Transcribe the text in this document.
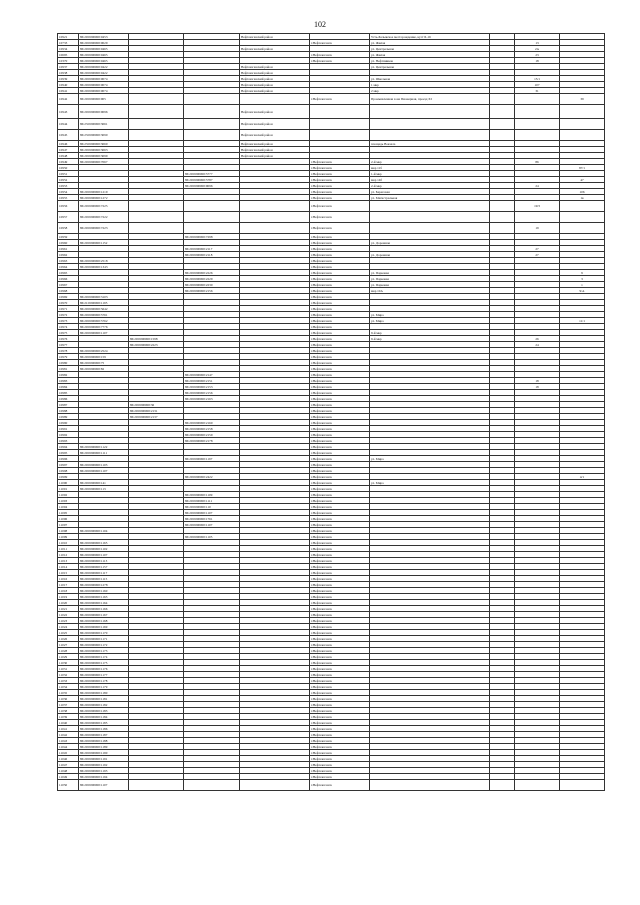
102
10921	86:20:0000000:0453			Нефтеюганский район		Усть-Балыкское месторождение, куст Б-16			
10733	86:20:0000000:0029				г.Нефтеюганск	ул. Жилая		13	
10934	86:20:0000000:0465			Нефтеюганский район		ул. Центральная		2А	
10695	86:20:0000000:0465				г.Нефтеюганск	ул. Жилая		23	
10370	86:20:0000000:0465				г.Нефтеюганск	ул. Нефтяников		18	
10937	86:20:0000000:0422			Нефтеюганский район		ул. Центральная			
10938	86:20:0000000:0422			Нефтеюганский район					
10939	86:20:0000000:0074			Нефтеюганский район		ул. Школьная		15/1	
10940	86:20:0000000:0074			Нефтеюганский район		1 мкр		107	
10941	86:20:0000000:0074			Нефтеюганский район		2 мкр		31	
10942	86:20:0000000:905				г.Нефтеюганск	Промышленная зона Пионерная, проезд XI			39
10943	86:20:0000000:9096			Нефтеюганский район					
10944	86:23:0000000:3061			Нефтеюганский район					
10945	86:23:0000000:3090			Нефтеюганский район					
10946	86:23:0000000:3060			Нефтеюганский район		площадь Вокзала			
10947	86:20:0000000:3063			Нефтеюганский район					
10948	86:20:0000000:3099			Нефтеюганский район					
10949	86:20:0000000:7067				г.Нефтеюганск	2-й мкр		86	
10950					г.Нефтеюганск	мкр 11б			87/1
10951			86:20:0000000:5777		г.Нефтеюганск	1-й мкр			
10952			86:20:0000000:5787		г.Нефтеюганск	мкр 14б			47
10953			86:20:0000000:9096		г.Нефтеюганск	2-й мкр		24	
10954	86:20:0000000:1219				г.Нефтеюганск	ул. Береговая			106
10955	86:20:0000000:1272				г.Нефтеюганск	ул. Магистральная			1в
10956	86:20:0000000:7225				г.Нефтеюганск			19/3	
10957	86:20:0000000:7222				г.Нефтеюганск				
10958	86:20:0000000:7223				г.Нефтеюганск			19	
10959			86:20:0000000:7298		г.Нефтеюганск				
10960	86:20:0000000:1152				г.Нефтеюганск	ул. Дорожная			
10961			86:20:0000000:2117		г.Нефтеюганск			27	
10962			86:20:0000000:2118		г.Нефтеюганск	ул. Дорожная		27	
10963	86:20:0000000:2518				г.Нефтеюганск				
10964	86:20:0000000:1343				г.Нефтеюганск				
10965			86:20:0000000:2226		г.Нефтеюганск	ул. Парковая			9
10966			86:20:0000000:2229		г.Нефтеюганск	ул. Парковая			3
10967			86:20:0000000:2230		г.Нефтеюганск	ул. Парковая			1
10968			86:20:0000000:2156		г.Нефтеюганск	мкр 10А			9/A
10969	86:20:0000000:3103				г.Нефтеюганск				
10970	86:21:0000000:1195				г.Нефтеюганск				
10971	86:20:0000000:5642				г.Нефтеюганск				
10972	86:20:0000000:5761				г.Нефтеюганск	ул. Мира			
10973	86:20:0000000:5762				г.Нефтеюганск	ул. Мира			11/1
10974	86:20:0000000:7776				г.Нефтеюганск				
10975	86:20:0000000:1107				г.Нефтеюганск	9-й мкр			
10976		86:20:0000000:1598			г.Нефтеюганск	9-й мкр		26	
10977		86:20:0000000:2223			г.Нефтеюганск			24	
10978	86:20:0000000:2524				г.Нефтеюганск				
10979	86:20:0000000:159				г.Нефтеюганск				
10980	86:20:0000000:75				г.Нефтеюганск				
10981	86:20:0000000:82				г.Нефтеюганск				
10982			86:20:0000000:2147		г.Нефтеюганск				
10983			86:20:0000000:2151		г.Нефтеюганск			18	
10984			86:20:0000000:2153		г.Нефтеюганск			18	
10985			86:20:0000000:2156		г.Нефтеюганск				
10986			86:20:0000000:2163		г.Нефтеюганск				
10987		86:20:0000000:36			г.Нефтеюганск				
10988		86:20:0000000:2131			г.Нефтеюганск				
10989		86:20:0000000:2137			г.Нефтеюганск				
10990			86:20:0000000:2160		г.Нефтеюганск				
10991			86:20:0000000:2158		г.Нефтеюганск				
10992			86:20:0000000:2159		г.Нефтеюганск				
10993			86:20:0000000:2178		г.Нефтеюганск				
10994	86:20:0000000:1122				г.Нефтеюганск				
10995	86:20:0000000:1111				г.Нефтеюганск				
10996			86:20:0000000:1197		г.Нефтеюганск	ул. Мира			
10997	86:20:0000000:1103				г.Нефтеюганск				
10998	86:20:0000000:1107				г.Нефтеюганск				
10999			86:20:0000000:2422		г.Нефтеюганск				4/1
11000	86:20:0000000:141				г.Нефтеюганск	ул. Мира			
11001	86:20:0000000:113				г.Нефтеюганск				
11002			86:20:0000000:1109		г.Нефтеюганск				
11003			86:20:0000000:1111		г.Нефтеюганск				
11004			86:20:0000000:110		г.Нефтеюганск				
11005			86:20:0000000:1107		г.Нефтеюганск				
11006			86:20:0000000:1761		г.Нефтеюганск				
11007			86:20:0000000:1107		г.Нефтеюганск				
11008	86:20:0000000:1104				г.Нефтеюганск				
11009			86:20:0000000:1105		г.Нефтеюганск				
11010	86:20:0000000:1165				г.Нефтеюганск				
11011	86:20:0000000:1102				г.Нефтеюганск				
11012	86:20:0000000:1107				г.Нефтеюганск				
11013	86:20:0000000:1113				г.Нефтеюганск				
11014	86:20:0000000:1157				г.Нефтеюганск				
11015	86:20:0000000:1117				г.Нефтеюганск				
11016	86:20:0000000:1115				г.Нефтеюганск				
11017	86:20:0000000:1278				г.Нефтеюганск				
11018	86:20:0000000:1160				г.Нефтеюганск				
11019	86:20:0000000:1163				г.Нефтеюганск				
11020	86:20:0000000:1164				г.Нефтеюганск				
11021	86:20:0000000:1166				г.Нефтеюганск				
11022	86:20:0000000:1167				г.Нефтеюганск				
11023	86:20:0000000:1168				г.Нефтеюганск				
11024	86:20:0000000:1169				г.Нефтеюганск				
11025	86:20:0000000:1170				г.Нефтеюганск				
11026	86:20:0000000:1171				г.Нефтеюганск				
11027	86:20:0000000:1172				г.Нефтеюганск				
11028	86:20:0000000:1173				г.Нефтеюганск				
11029	86:20:0000000:1174				г.Нефтеюганск				
11030	86:20:0000000:1175				г.Нефтеюганск				
11031	86:20:0000000:1176				г.Нефтеюганск				
11032	86:20:0000000:1177				г.Нефтеюганск				
11033	86:20:0000000:1178				г.Нефтеюганск				
11034	86:20:0000000:1179				г.Нефтеюганск				
11035	86:20:0000000:1180				г.Нефтеюганск				
11036	86:20:0000000:1181				г.Нефтеюганск				
11037	86:20:0000000:1182				г.Нефтеюганск				
11038	86:20:0000000:1183				г.Нефтеюганск				
11039	86:20:0000000:1184				г.Нефтеюганск				
11040	86:20:0000000:1185				г.Нефтеюганск				
11041	86:20:0000000:1186				г.Нефтеюганск				
11042	86:20:0000000:1187				г.Нефтеюганск				
11043	86:20:0000000:1188				г.Нефтеюганск				
11044	86:20:0000000:1189				г.Нефтеюганск				
11045	86:20:0000000:1190				г.Нефтеюганск				
11046	86:20:0000000:1191				г.Нефтеюганск				
11047	86:20:0000000:1192				г.Нефтеюганск				
11048	86:20:0000000:1193				г.Нефтеюганск				
11049	86:20:0000000:1194				г.Нефтеюганск				
11050	86:20:0000000:1107				г.Нефтеюганск				
